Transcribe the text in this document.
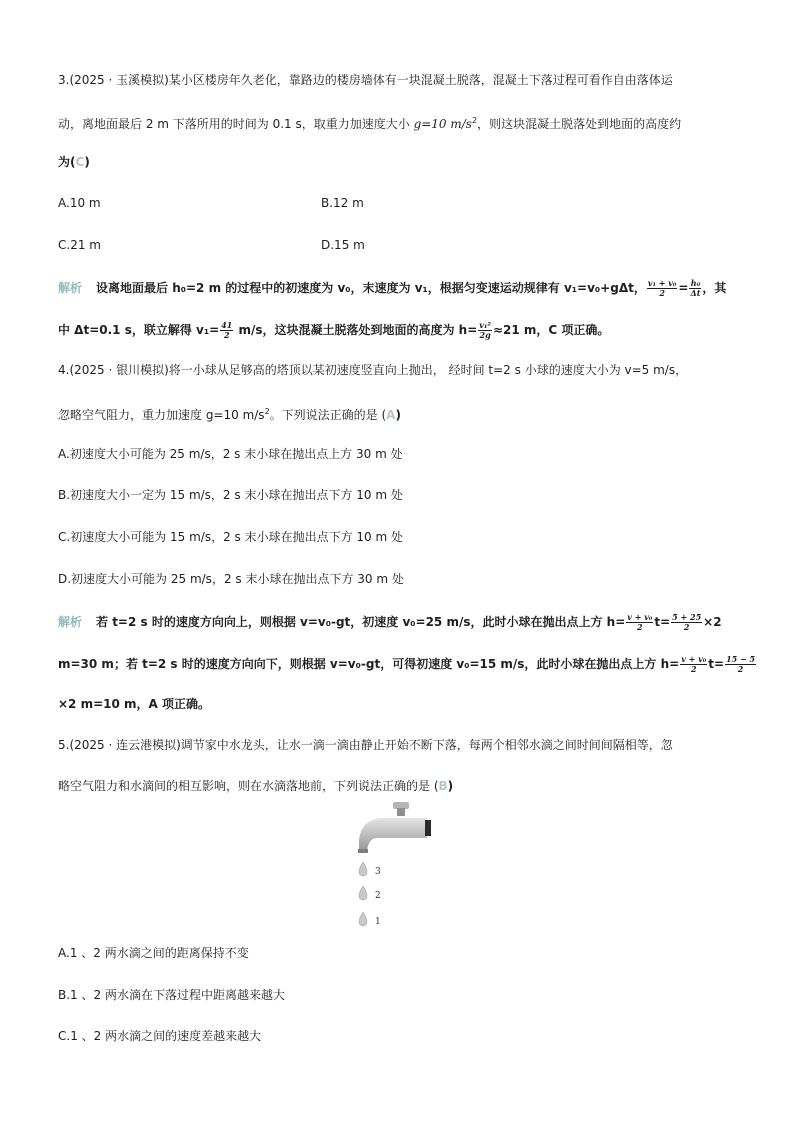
3.(2025 · 玉溪模拟)某小区楼房年久老化，靠路边的楼房墙体有一块混凝土脱落，混凝土下落过程可看作自由落体运
动，离地面最后 2 m 下落所用的时间为 0.1 s，取重力加速度大小 g=10 $m/s^2$，则这块混凝土脱落处到地面的高度约
为(C)
A.10 m	B.12 m
C.21 m	D.15 m
解析 设离地面最后 h₀=2 m 的过程中的初速度为 v₀，末速度为 v₁，根据匀变速运动规律有 v₁=v₀+gΔt， $\frac{\text{v₁ + v₀}}{2} = \frac{\text{h₀}}{\Delta t}$ ，其
中 Δt=0.1 s，联立解得 $v_1= \frac{41}{2} m/s$，这块混凝土脱落处到地面的高度为 $h= \frac{\text{v₁²}}{2g} \approx 21$ m，C 项正确。
4.(2025 · 银川模拟)将一小球从足够高的塔顶以某初速度竖直向上抛出， 经时间 t=2 s 小球的速度大小为 v=5 m/s，
忽略空气阻力，重力加速度 g=10 $m/s^2$。下列说法正确的是 (A)
A.初速度大小可能为 25 m/s，2 s 末小球在抛出点上方 30 m 处
B.初速度大小一定为 15 m/s，2 s 末小球在抛出点下方 10 m 处
C.初速度大小可能为 15 m/s，2 s 末小球在抛出点下方 10 m 处
D.初速度大小可能为 25 m/s，2 s 末小球在抛出点下方 30 m 处
解析 若 t=2 s 时的速度方向向上，则根据 v=v₀-gt，初速度 v₀=25 m/s，此时小球在抛出点上方 $h= \frac{\text{v + v₀}}{2} t= \frac{5 + 25}{2} \times 2$
m=30 m；若 t=2 s 时的速度方向向下，则根据 v=v₀-gt，可得初速度 v₀=15 m/s，此时小球在抛出点上方 $h= \frac{\text{v + v₀}}{2} t= \frac{15 - 5}{2}$
×2 m=10 m，A 项正确。
5.(2025 · 连云港模拟)调节家中水龙头，让水一滴一滴由静止开始不断下落，每两个相邻水滴之间时间间隔相等，忽
略空气阻力和水滴间的相互影响，则在水滴落地前，下列说法正确的是 (B)
3
2
1
A.1 、2 两水滴之间的距离保持不变
B.1 、2 两水滴在下落过程中距离越来越大
C.1 、2 两水滴之间的速度差越来越大
